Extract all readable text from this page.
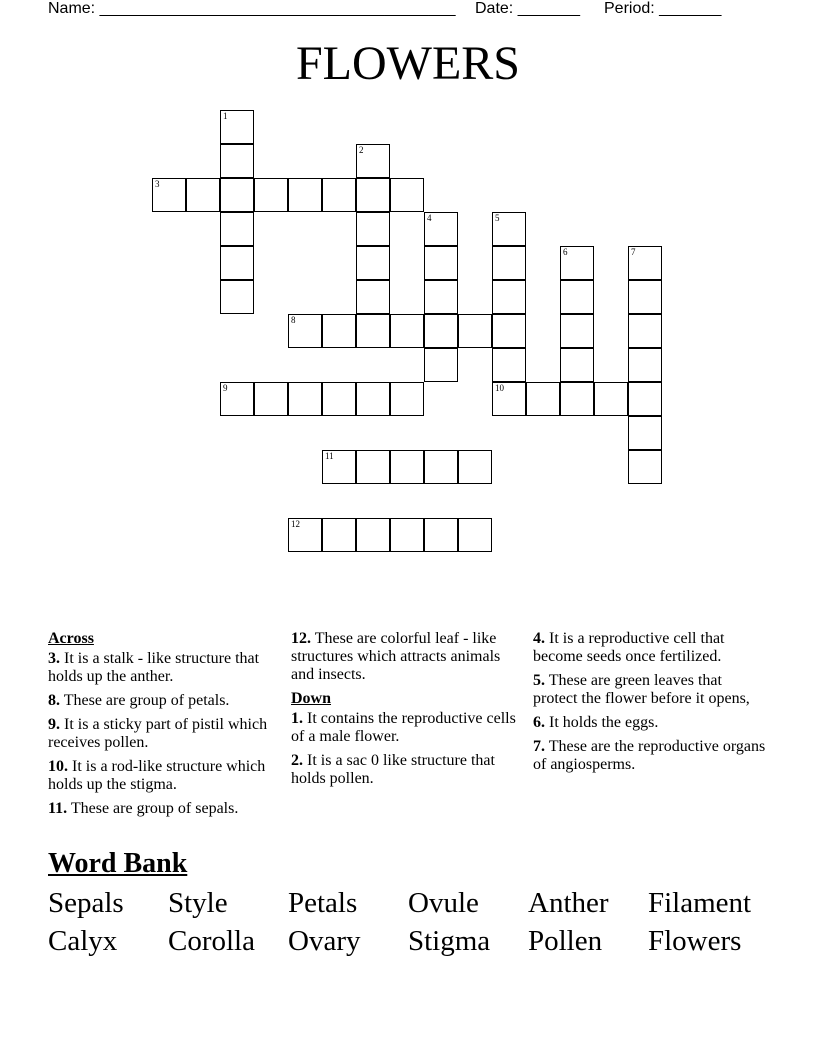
Name: ________________________________________ Date: _______ Period: _______
FLOWERS
1
2
3
4	5
10
6	7
8
9
11
12
Across
3. It is a stalk - like structure that holds up the anther.
8. These are group of petals.
9. It is a sticky part of pistil which receives pollen.
10. It is a rod-like structure which holds up the stigma.
11. These are group of sepals.
12. These are colorful leaf - like structures which attracts animals and insects.
Down
1. It contains the reproductive cells of a male flower.
2. It is a sac 0 like structure that holds pollen.
4. It is a reproductive cell that become seeds once fertilized.
5. These are green leaves that protect the flower before it opens,
6. It holds the eggs.
7. These are the reproductive organs of angiosperms.
Word Bank
Sepals Style Petals Ovule Anther Filament
Calyx Corolla Ovary Stigma Pollen Flowers
